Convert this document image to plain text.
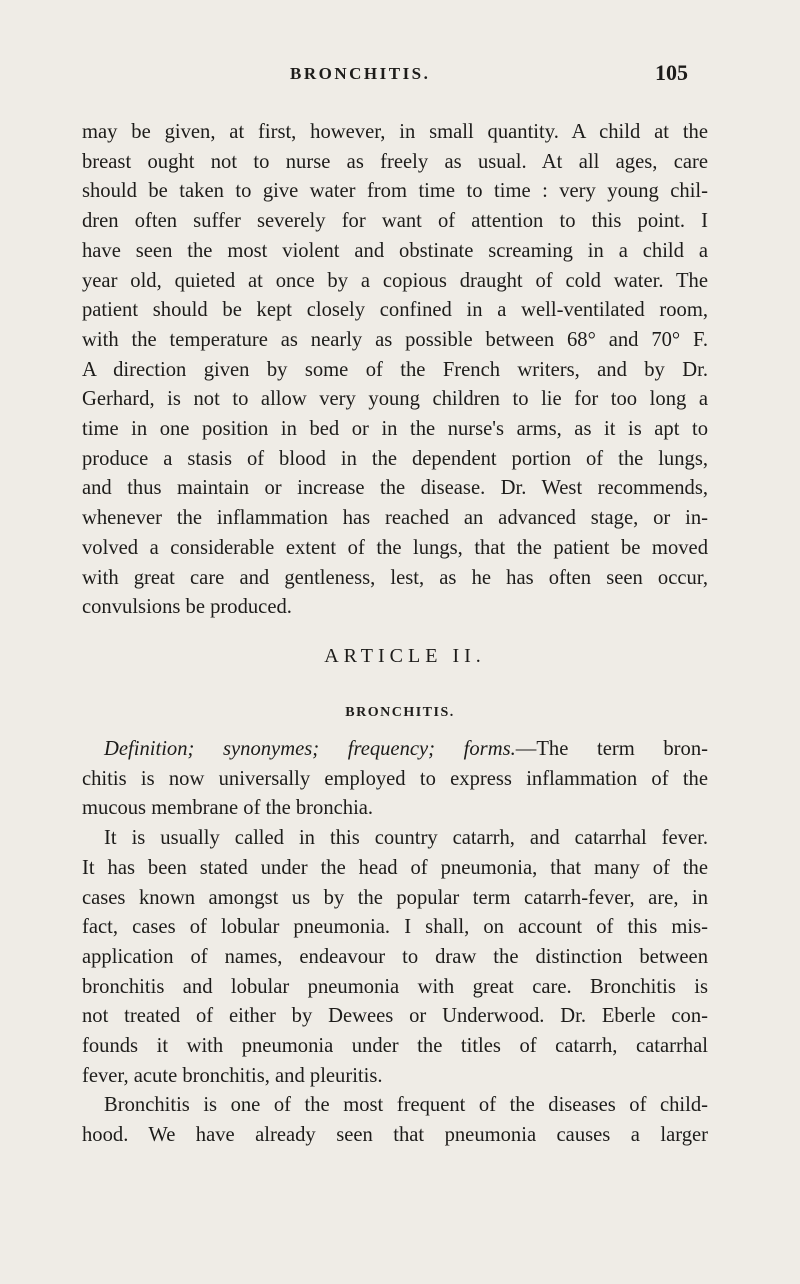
BRONCHITIS.	105
may be given, at first, however, in small quantity. A child at the
breast ought not to nurse as freely as usual. At all ages, care
should be taken to give water from time to time : very young chil-
dren often suffer severely for want of attention to this point. I
have seen the most violent and obstinate screaming in a child a
year old, quieted at once by a copious draught of cold water. The
patient should be kept closely confined in a well-ventilated room,
with the temperature as nearly as possible between 68° and 70° F.
A direction given by some of the French writers, and by Dr.
Gerhard, is not to allow very young children to lie for too long a
time in one position in bed or in the nurse's arms, as it is apt to
produce a stasis of blood in the dependent portion of the lungs,
and thus maintain or increase the disease. Dr. West recommends,
whenever the inflammation has reached an advanced stage, or in-
volved a considerable extent of the lungs, that the patient be moved
with great care and gentleness, lest, as he has often seen occur,
convulsions be produced.
ARTICLE II.
BRONCHITIS.
Definition; synonymes; frequency; forms.—The term bron-
chitis is now universally employed to express inflammation of the
mucous membrane of the bronchia.
It is usually called in this country catarrh, and catarrhal fever.
It has been stated under the head of pneumonia, that many of the
cases known amongst us by the popular term catarrh-fever, are, in
fact, cases of lobular pneumonia. I shall, on account of this mis-
application of names, endeavour to draw the distinction between
bronchitis and lobular pneumonia with great care. Bronchitis is
not treated of either by Dewees or Underwood. Dr. Eberle con-
founds it with pneumonia under the titles of catarrh, catarrhal
fever, acute bronchitis, and pleuritis.
Bronchitis is one of the most frequent of the diseases of child-
hood. We have already seen that pneumonia causes a larger
